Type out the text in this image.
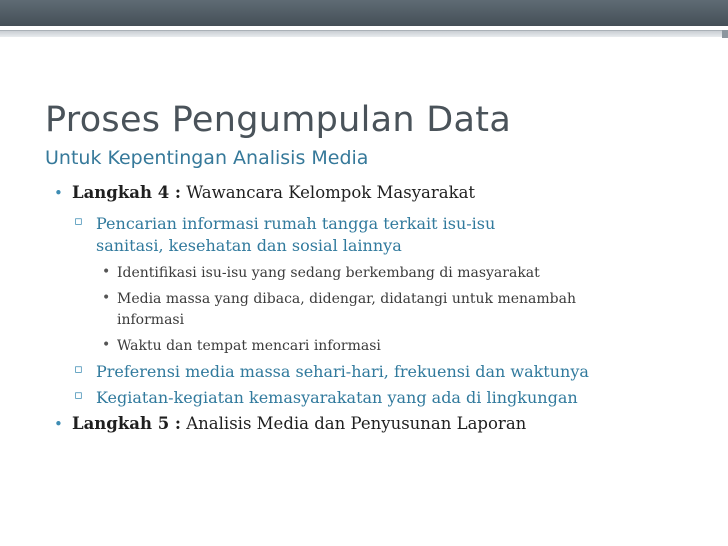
Proses Pengumpulan Data
Untuk Kepentingan Analisis Media
• Langkah 4 : Wawancara Kelompok Masyarakat
▫ Pencarian informasi rumah tangga terkait isu-isu
sanitasi, kesehatan dan sosial lainnya
• Identifikasi isu-isu yang sedang berkembang di masyarakat
• Media massa yang dibaca, didengar, didatangi untuk menambah
informasi
• Waktu dan tempat mencari informasi
▫ Preferensi media massa sehari-hari, frekuensi dan waktunya
▫ Kegiatan-kegiatan kemasyarakatan yang ada di lingkungan
• Langkah 5 : Analisis Media dan Penyusunan Laporan
